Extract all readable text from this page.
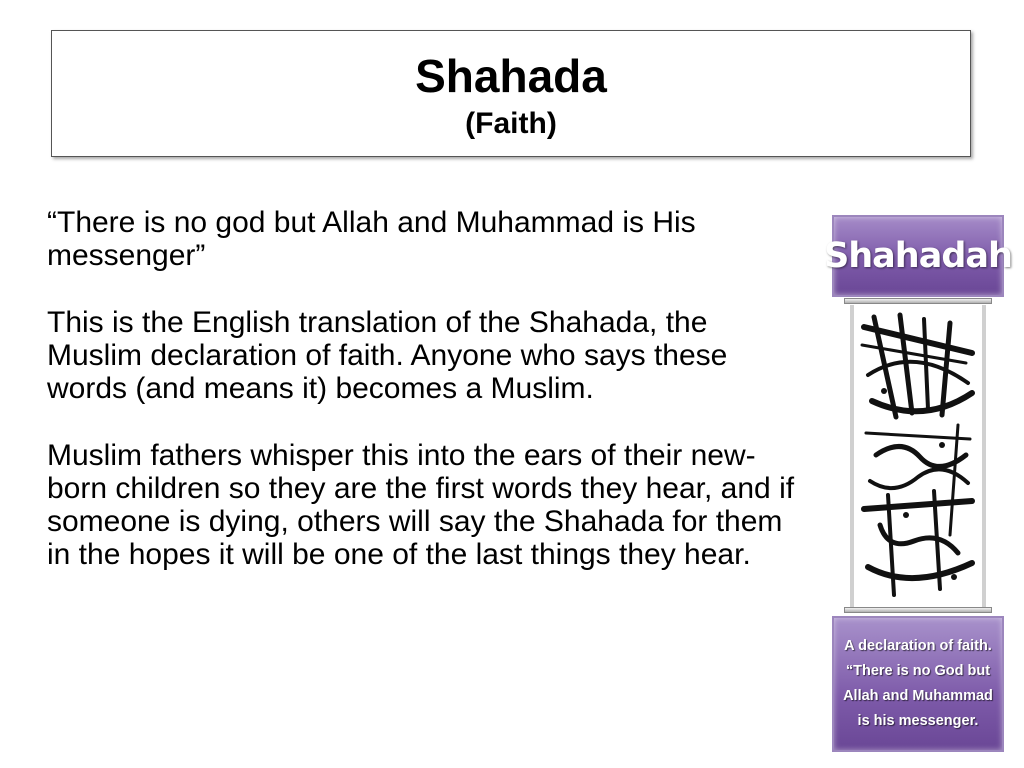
Shahada
(Faith)

“There is no god but Allah and Muhammad is His messenger”

This is the English translation of the Shahada, the Muslim declaration of faith. Anyone who says these words (and means it) becomes a Muslim.

Muslim fathers whisper this into the ears of their new-born children so they are the first words they hear, and if someone is dying, others will say the Shahada for them in the hopes it will be one of the last things they hear.

Shahadah
A declaration of faith.
“There is no God but
Allah and Muhammad
is his messenger.
